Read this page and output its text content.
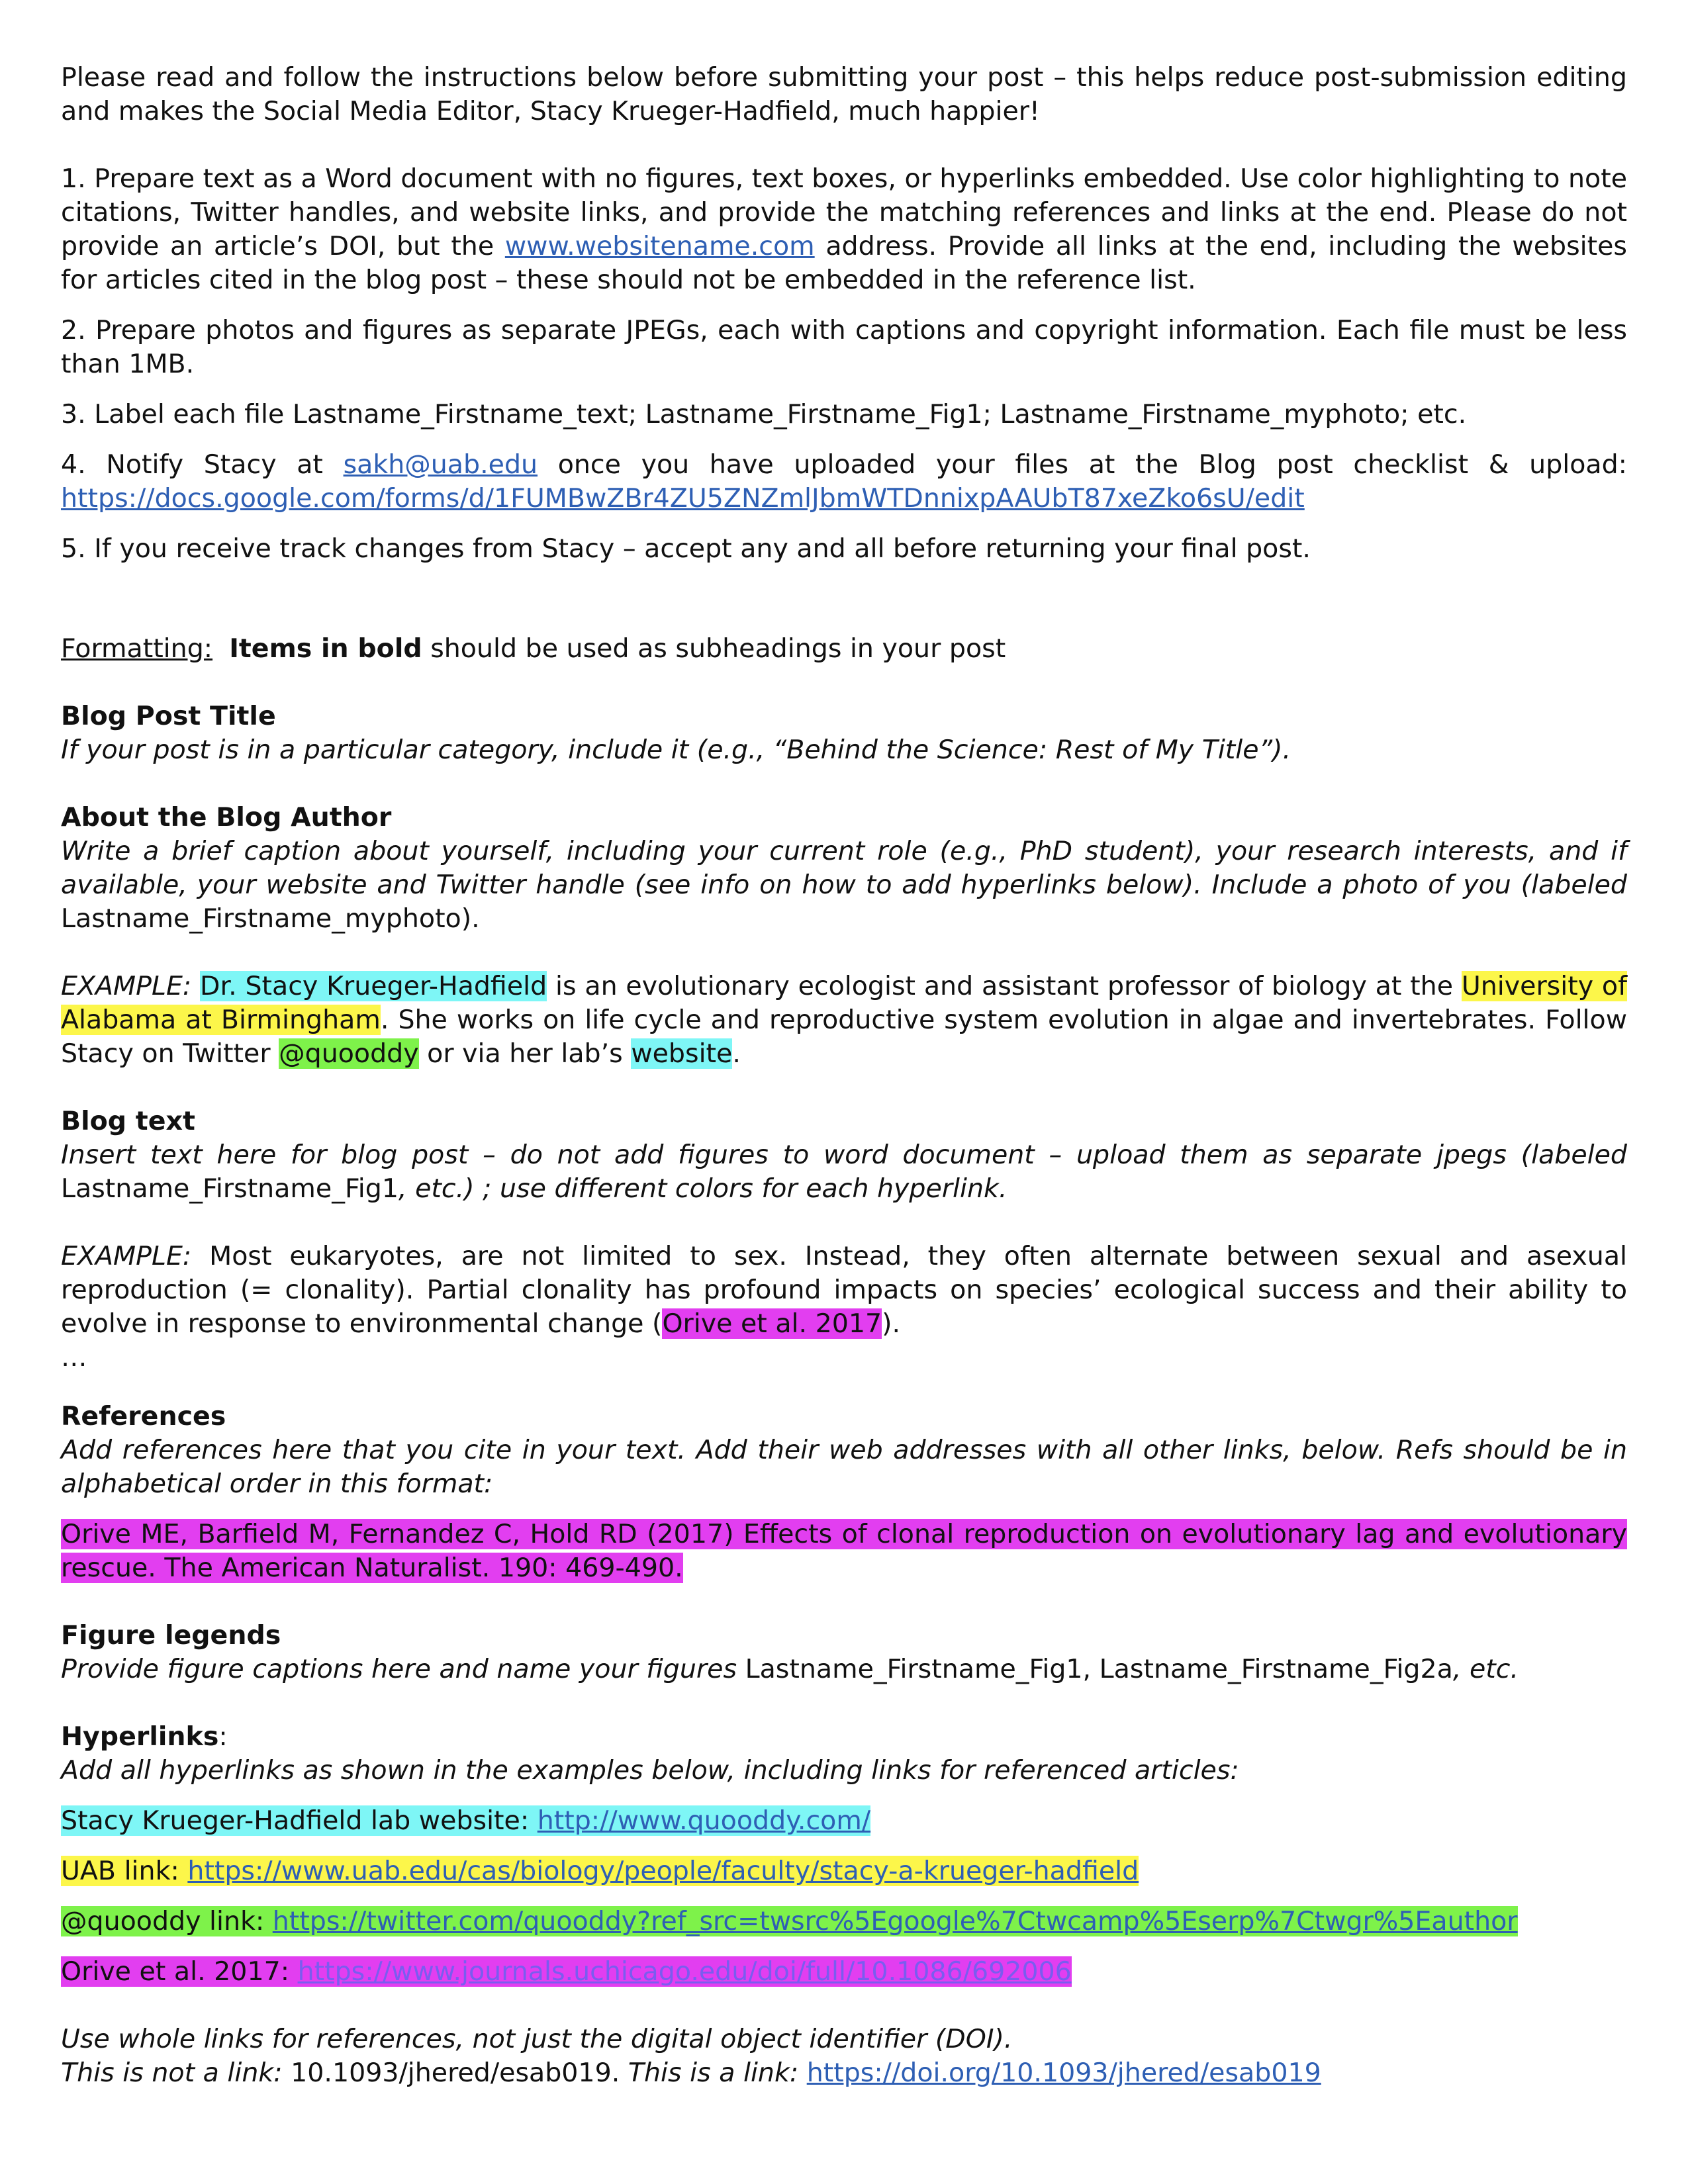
Please read and follow the instructions below before submitting your post – this helps reduce post-submission editing and makes the Social Media Editor, Stacy Krueger-Hadfield, much happier!

1. Prepare text as a Word document with no figures, text boxes, or hyperlinks embedded. Use color highlighting to note citations, Twitter handles, and website links, and provide the matching references and links at the end. Please do not provide an article’s DOI, but the www.websitename.com address. Provide all links at the end, including the websites for articles cited in the blog post – these should not be embedded in the reference list.

2. Prepare photos and figures as separate JPEGs, each with captions and copyright information. Each file must be less than 1MB.

3. Label each file Lastname_Firstname_text; Lastname_Firstname_Fig1; Lastname_Firstname_myphoto; etc.

4. Notify Stacy at sakh@uab.edu once you have uploaded your files at the Blog post checklist & upload: https://docs.google.com/forms/d/1FUMBwZBr4ZU5ZNZmlJbmWTDnnixpAAUbT87xeZko6sU/edit

5. If you receive track changes from Stacy – accept any and all before returning your final post.

Formatting: Items in bold should be used as subheadings in your post

Blog Post Title

If your post is in a particular category, include it (e.g., “Behind the Science: Rest of My Title”).

About the Blog Author

Write a brief caption about yourself, including your current role (e.g., PhD student), your research interests, and if available, your website and Twitter handle (see info on how to add hyperlinks below). Include a photo of you (labeled Lastname_Firstname_myphoto).

EXAMPLE: Dr. Stacy Krueger-Hadfield is an evolutionary ecologist and assistant professor of biology at the University of Alabama at Birmingham. She works on life cycle and reproductive system evolution in algae and invertebrates. Follow Stacy on Twitter @quooddy or via her lab’s website.

Blog text

Insert text here for blog post – do not add figures to word document – upload them as separate jpegs (labeled Lastname_Firstname_Fig1, etc.) ; use different colors for each hyperlink.

EXAMPLE: Most eukaryotes, are not limited to sex. Instead, they often alternate between sexual and asexual reproduction (= clonality). Partial clonality has profound impacts on species’ ecological success and their ability to evolve in response to environmental change (Orive et al. 2017).

…

References

Add references here that you cite in your text. Add their web addresses with all other links, below. Refs should be in alphabetical order in this format:

Orive ME, Barfield M, Fernandez C, Hold RD (2017) Effects of clonal reproduction on evolutionary lag and evolutionary rescue. The American Naturalist. 190: 469-490.

Figure legends

Provide figure captions here and name your figures Lastname_Firstname_Fig1, Lastname_Firstname_Fig2a, etc.

Hyperlinks:

Add all hyperlinks as shown in the examples below, including links for referenced articles:

Stacy Krueger-Hadfield lab website: http://www.quooddy.com/

UAB link: https://www.uab.edu/cas/biology/people/faculty/stacy-a-krueger-hadfield

@quooddy link: https://twitter.com/quooddy?ref_src=twsrc%5Egoogle%7Ctwcamp%5Eserp%7Ctwgr%5Eauthor

Orive et al. 2017: https://www.journals.uchicago.edu/doi/full/10.1086/692006

Use whole links for references, not just the digital object identifier (DOI).

This is not a link: 10.1093/jhered/esab019. This is a link: https://doi.org/10.1093/jhered/esab019
